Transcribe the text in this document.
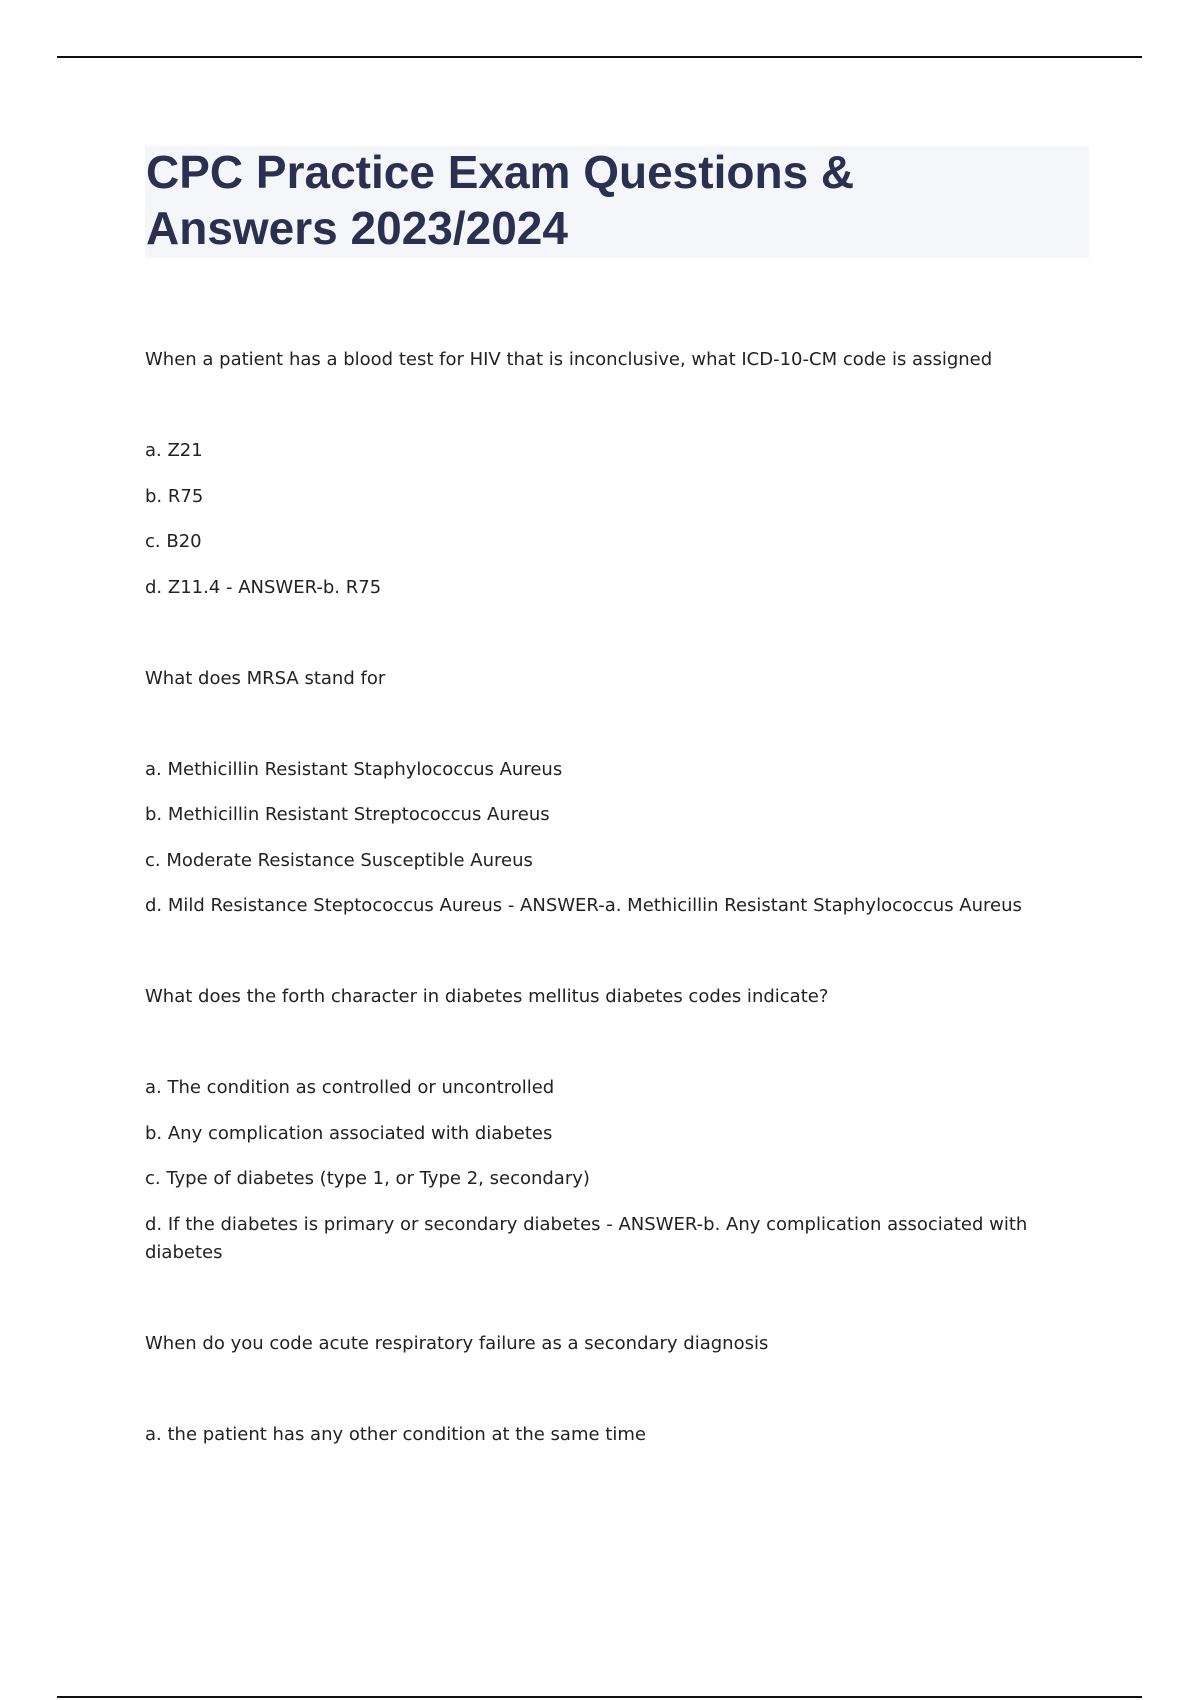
CPC Practice Exam Questions & Answers 2023/2024

When a patient has a blood test for HIV that is inconclusive, what ICD-10-CM code is assigned

a. Z21

b. R75

c. B20

d. Z11.4 - ANSWER-b. R75

What does MRSA stand for

a. Methicillin Resistant Staphylococcus Aureus

b. Methicillin Resistant Streptococcus Aureus

c. Moderate Resistance Susceptible Aureus

d. Mild Resistance Steptococcus Aureus - ANSWER-a. Methicillin Resistant Staphylococcus Aureus

What does the forth character in diabetes mellitus diabetes codes indicate?

a. The condition as controlled or uncontrolled

b. Any complication associated with diabetes

c. Type of diabetes (type 1, or Type 2, secondary)

d. If the diabetes is primary or secondary diabetes - ANSWER-b. Any complication associated with diabetes

When do you code acute respiratory failure as a secondary diagnosis

a. the patient has any other condition at the same time
